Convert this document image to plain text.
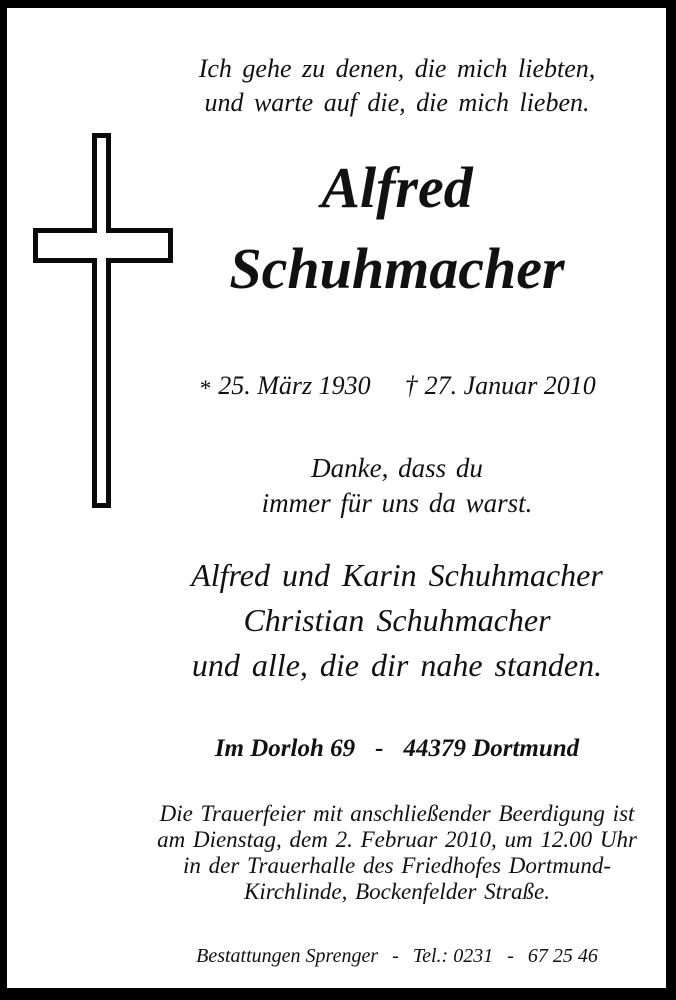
Ich gehe zu denen, die mich liebten,
und warte auf die, die mich lieben.
Alfred
Schuhmacher
* 25. März 1930 † 27. Januar 2010
Danke, dass du
immer für uns da warst.
Alfred und Karin Schuhmacher
Christian Schuhmacher
und alle, die dir nahe standen.
Im Dorloh 69 - 44379 Dortmund
Die Trauerfeier mit anschließender Beerdigung ist
am Dienstag, dem 2. Februar 2010, um 12.00 Uhr
in der Trauerhalle des Friedhofes Dortmund-
Kirchlinde, Bockenfelder Straße.
Bestattungen Sprenger - Tel.: 0231 - 67 25 46
